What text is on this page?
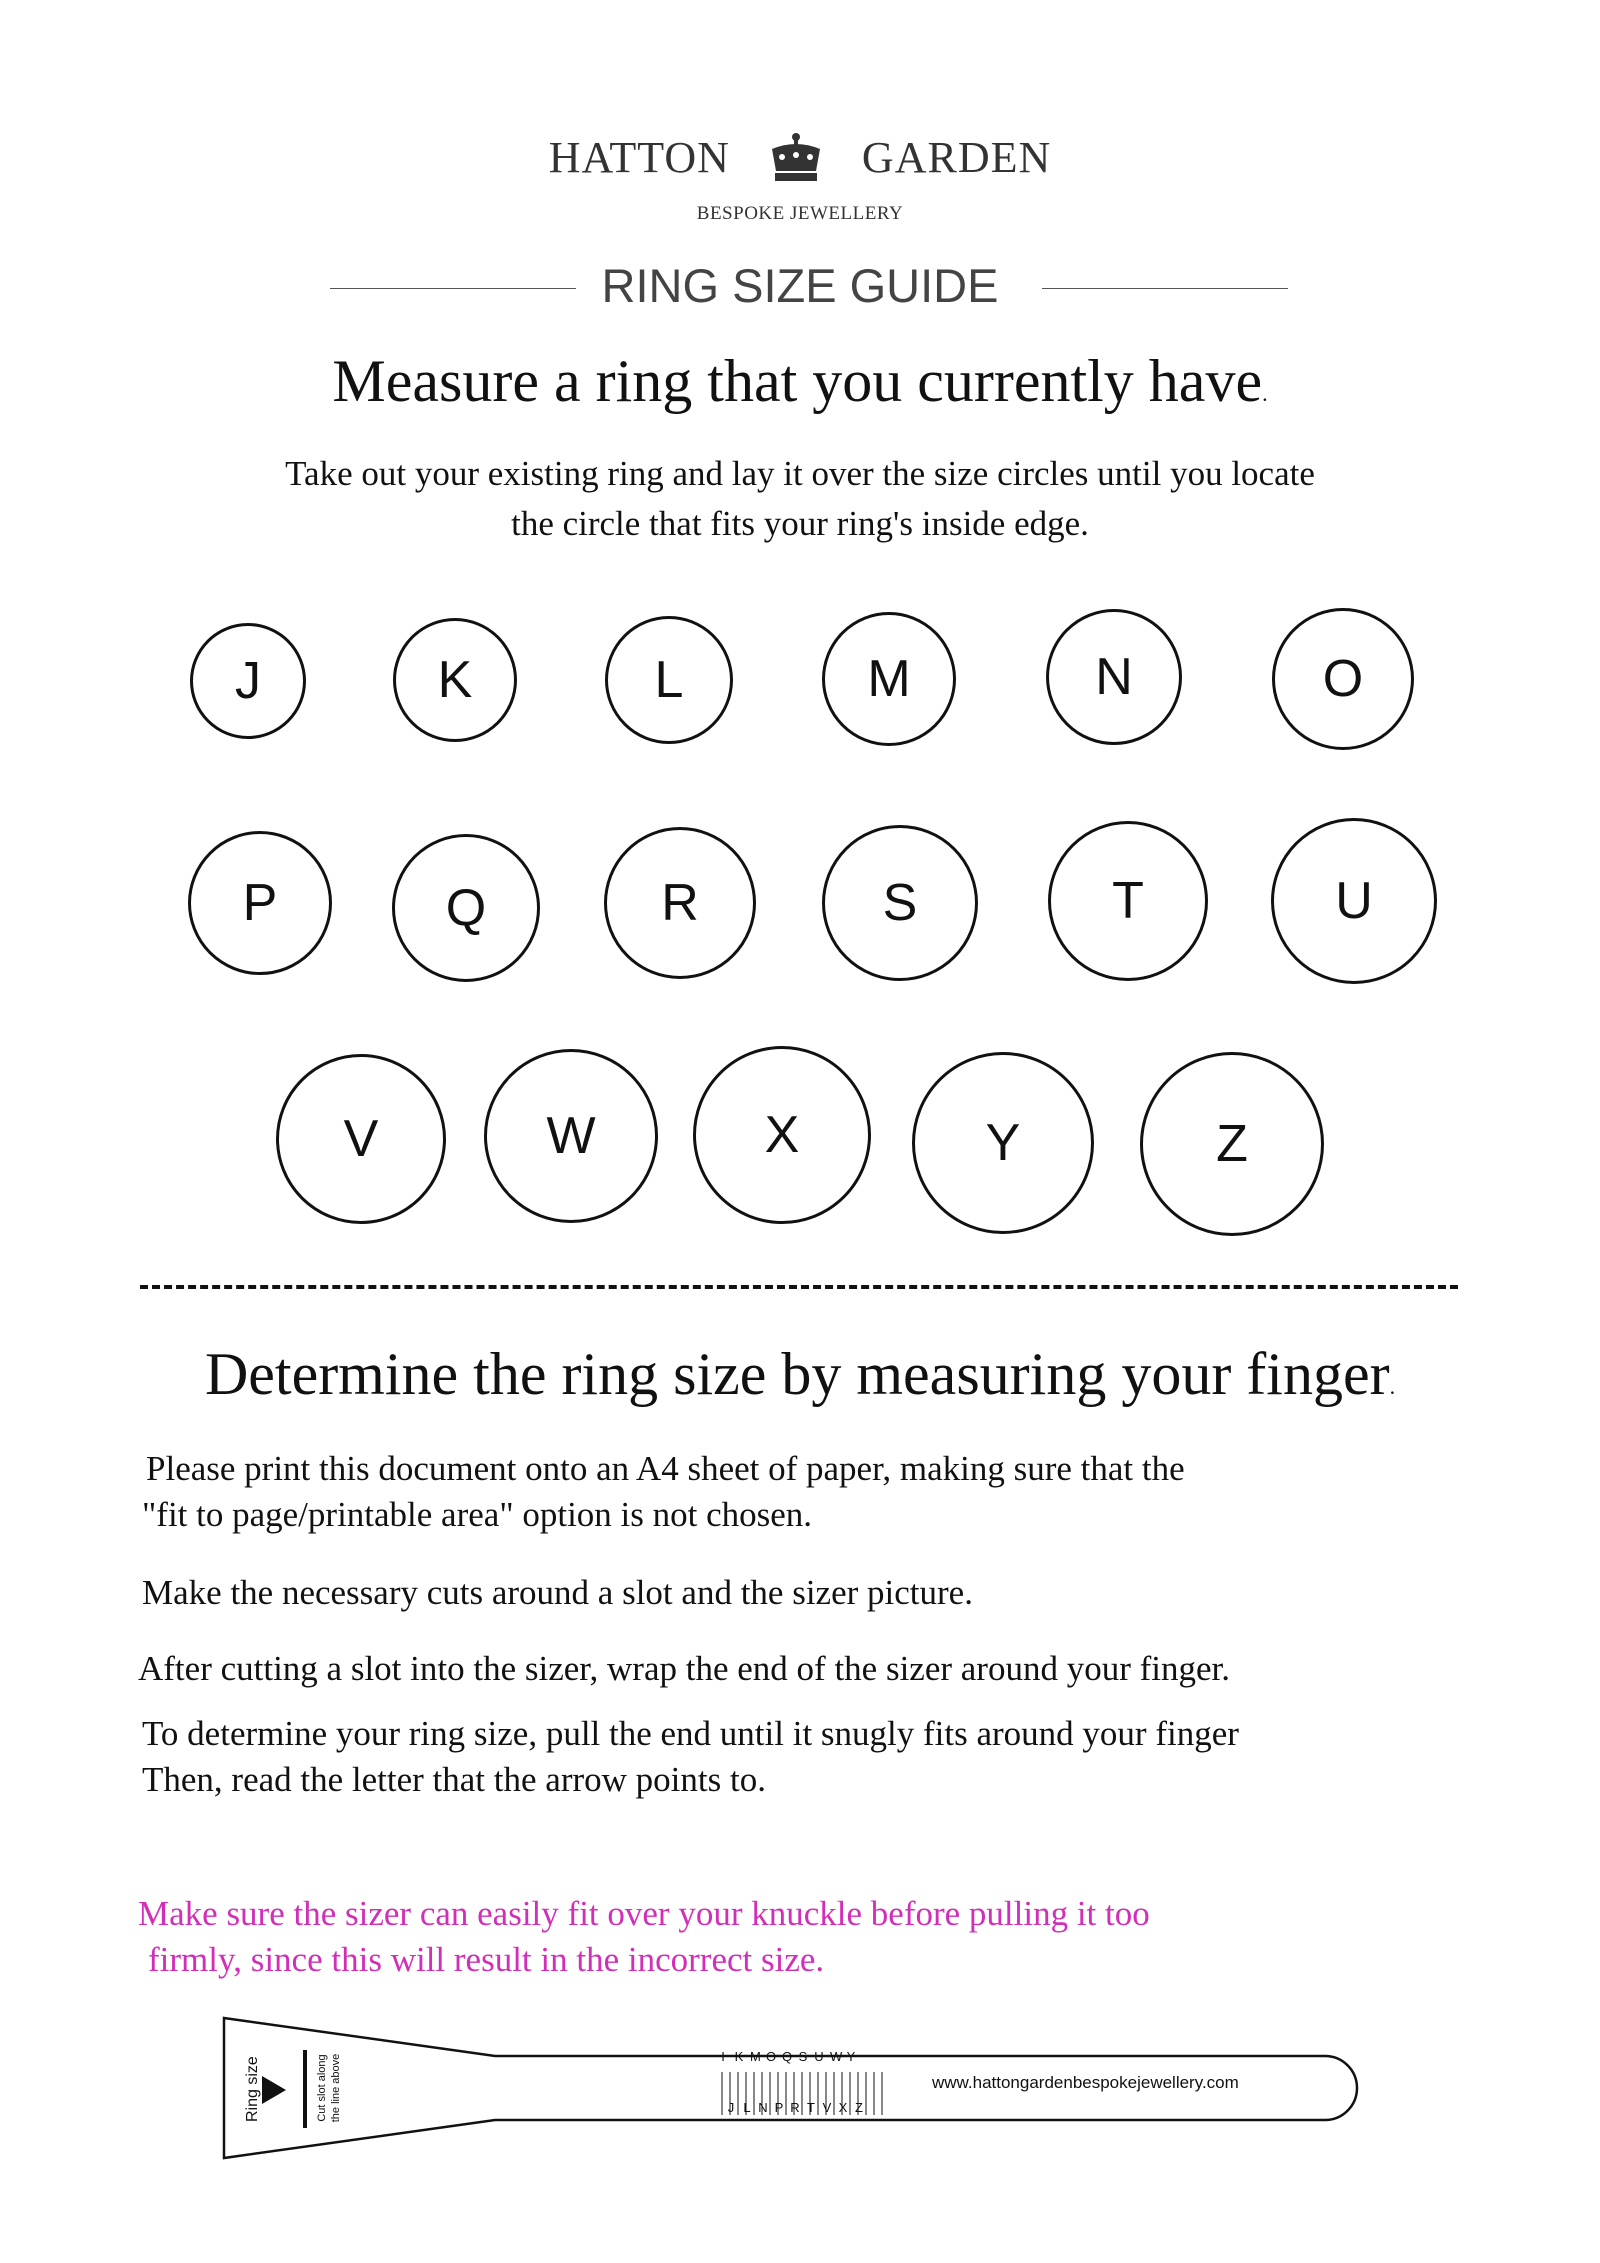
HATTON	GARDEN
BESPOKE JEWELLERY
RING SIZE GUIDE
Measure a ring that you currently have.
Take out your existing ring and lay it over the size circles until you locate
the circle that fits your ring's inside edge.
J	K	L	M	N	O
P	Q	R	S	T	U
V	W	X	Y	Z
Determine the ring size by measuring your finger.
Please print this document onto an A4 sheet of paper, making sure that the
"fit to page/printable area" option is not chosen.
Make the necessary cuts around a slot and the sizer picture.
After cutting a slot into the sizer, wrap the end of the sizer around your finger.
To determine your ring size, pull the end until it snugly fits around your finger
Then, read the letter that the arrow points to.
Make sure the sizer can easily fit over your knuckle before pulling it too
firmly, since this will result in the incorrect size.
Ring size	Cut slot along the line above	I K M O Q S U W Y
J L N P R T V X Z
www.hattongardenbespokejewellery.com
